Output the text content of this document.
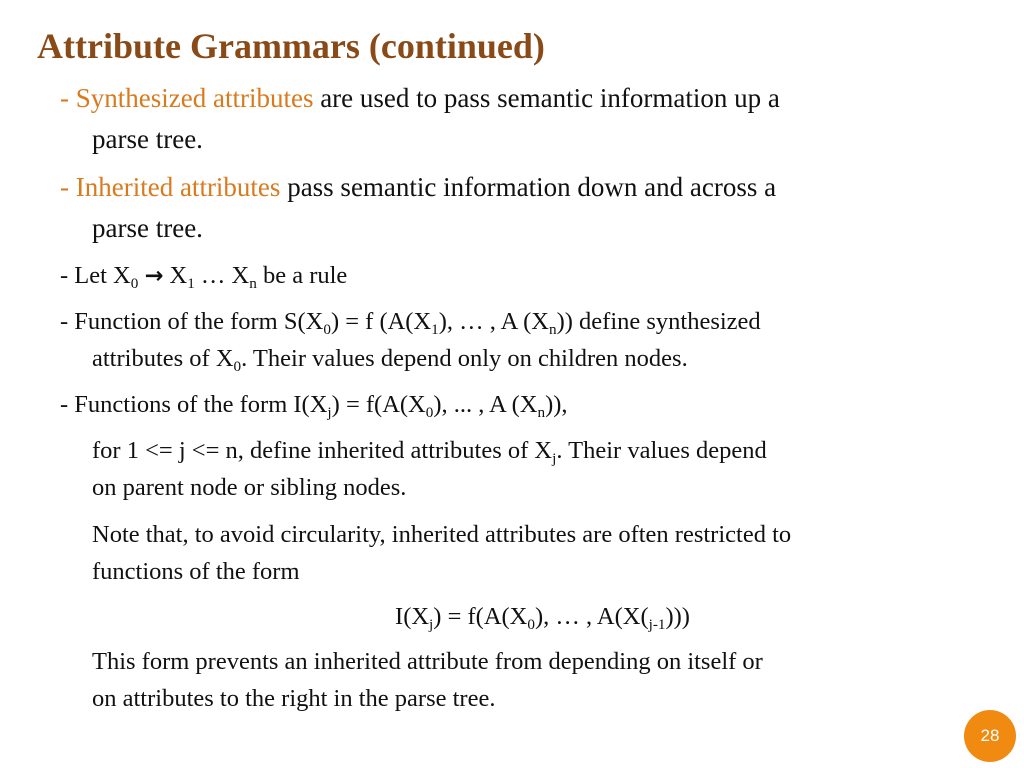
Attribute Grammars (continued)
- Synthesized attributes are used to pass semantic information up a
parse tree.
- Inherited attributes pass semantic information down and across a
parse tree.
- Let $X_0 \to X_1$ … $X_n$ be a rule
- Function of the form $S(X_0) = f$ ($A(X_1)$, … , A $(X_n)$) define synthesized
attributes of $X_0$. Their values depend only on children nodes.
- Functions of the form $I(X_j) = f(A(X_0)$, ... , A $(X_n)$),
for 1 <= j <= n, define inherited attributes of $X_j$. Their values depend
on parent node or sibling nodes.
Note that, to avoid circularity, inherited attributes are often restricted to
functions of the form
$I(X_j) = f(A(X_0)$, … , $A(X(_{j-1}))$)
This form prevents an inherited attribute from depending on itself or
on attributes to the right in the parse tree.
28
